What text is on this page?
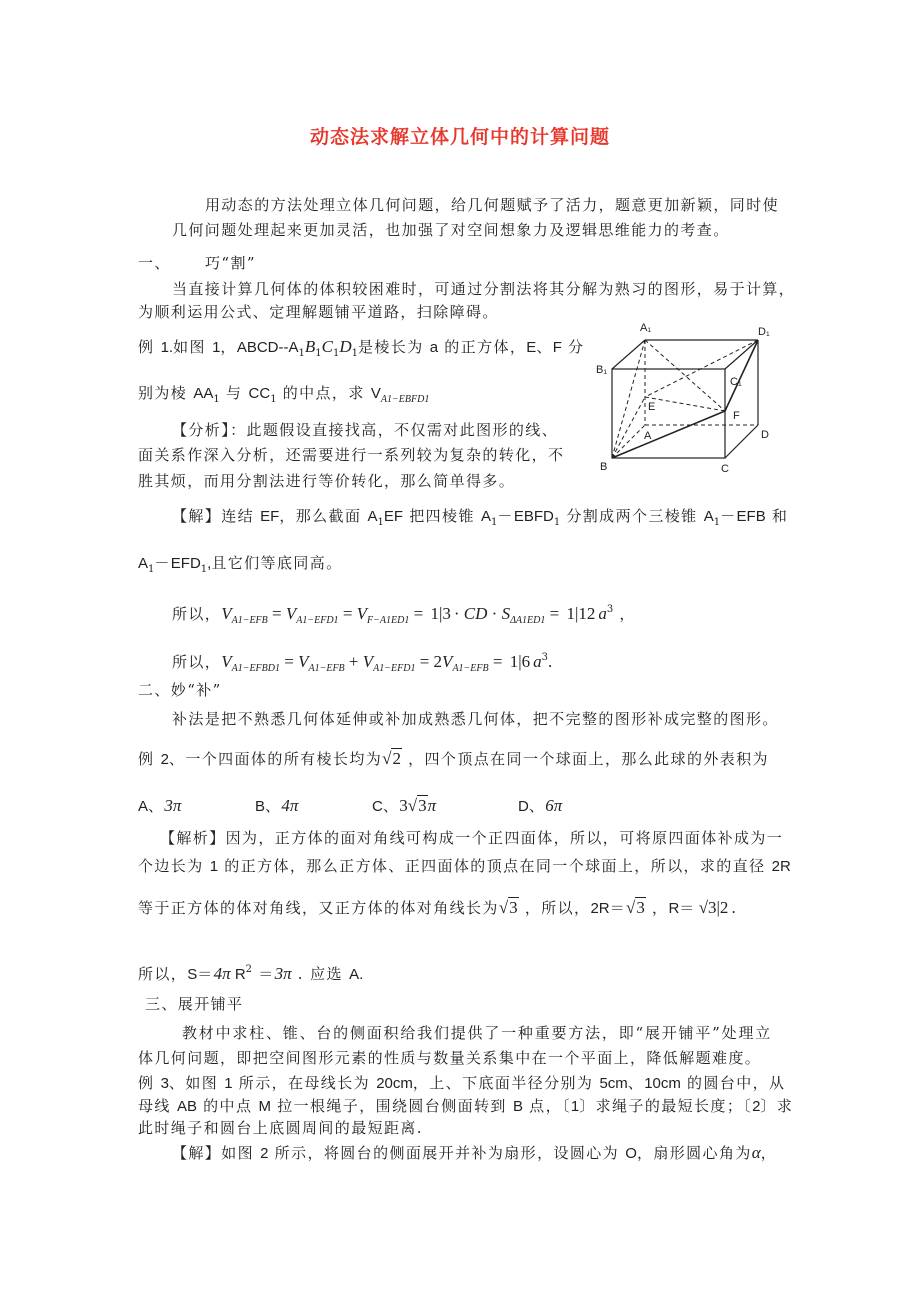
动态法求解立体几何中的计算问题
用动态的方法处理立体几何问题，给几何题赋予了活力，题意更加新颖，同时使
几何问题处理起来更加灵活，也加强了对空间想象力及逻辑思维能力的考查。
一、 巧“割”
当直接计算几何体的体积较困难时，可通过分割法将其分解为熟习的图形，易于计算，
为顺利运用公式、定理解题铺平道路，扫除障碍。
例 1.如图 1，ABCD-$-A_1B_1C_1D_1$是棱长为 a 的正方体，E、F 分
别为棱 $AA_1$ 与 $CC_1$ 的中点，求 $V_{A1-EBFD1}$
【分析】：此题假设直接找高，不仅需对此图形的线、
面关系作深入分析，还需要进行一系列较为复杂的转化，不
胜其烦，而用分割法进行等价转化，那么简单得多。
【解】连结 EF，那么截面 $A_1EF$ 把四棱锥 $A_1-EBFD_1$ 分割成两个三棱锥 $A_1-EFB$ 和
$A_1-EFD_1$,且它们等底同高。
所以，$V_{A1-EFB} = V_{A1-EFD1} = V_{F-A1ED1} = 1|3$ · CD · $S_{\Delta A1ED1} = 1|12$ $a^3$ ，
所以，$V_{A1-EFBD1} = V_{A1-EFB} + V_{A1-EFD1} = 2V_{A1-EFB} = 1|6$ $a^3$.
二、妙“补”
补法是把不熟悉几何体延伸或补加成熟悉几何体，把不完整的图形补成完整的图形。
例 2、一个四面体的所有棱长均为√2 ，四个顶点在同一个球面上，那么此球的外表积为
A、3π	B、4π	C、3√3π	D、6π
【解析】因为，正方体的面对角线可构成一个正四面体，所以，可将原四面体补成为一
个边长为 1 的正方体，那么正方体、正四面体的顶点在同一个球面上，所以，求的直径 2R
等于正方体的体对角线，又正方体的体对角线长为√3 ，所以，2R＝√3 ，R＝ √3|2 .
所以，S＝4π $R^2 =3\pi$ . 应选 A.
三、展开铺平
教材中求柱、锥、台的侧面积给我们提供了一种重要方法，即“展开铺平”处理立
体几何问题，即把空间图形元素的性质与数量关系集中在一个平面上，降低解题难度。
例 3、如图 1 所示，在母线长为 20cm，上、下底面半径分别为 5cm、10cm 的圆台中，从
母线 AB 的中点 M 拉一根绳子，围绕圆台侧面转到 B 点，〔1〕求绳子的最短长度；〔2〕求
此时绳子和圆台上底圆周间的最短距离.
【解】如图 2 所示，将圆台的侧面展开并补为扇形，设圆心为 O，扇形圆心角为α，
A₁	D₁
B₁
C₁
E
F
A
B	C
D
